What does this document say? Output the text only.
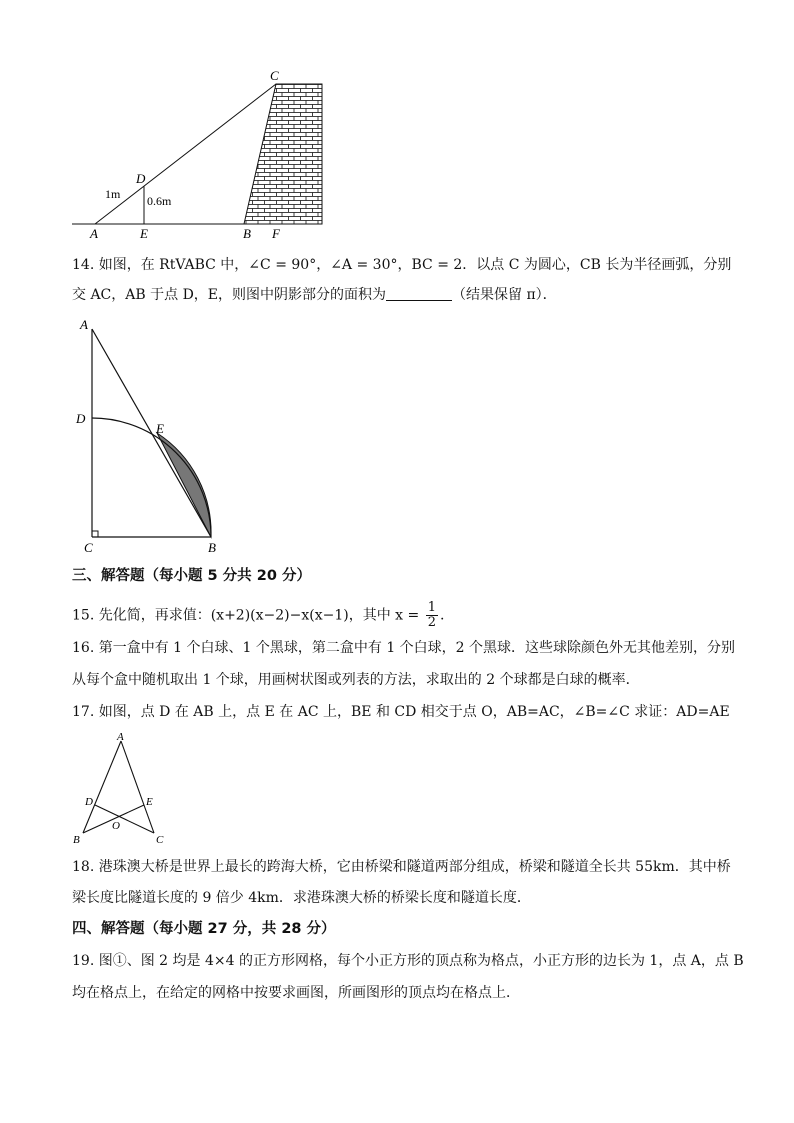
C
D
1m 0.6m
A	E	B F
14. 如图，在 RtVABC 中，∠C = 90°，∠A = 30°，BC = 2．以点 C 为圆心，CB 长为半径画弧，分别
交 AC，AB 于点 D，E，则图中阴影部分的面积为	（结果保留 π）．
A
D
E
C	B
三、解答题（每小题 5 分共 20 分）
15. 先化简，再求值：(x+2)(x−2)−x(x−1)，其中 $x = \frac{1}{2}$ .
16. 第一盒中有 1 个白球、1 个黑球，第二盒中有 1 个白球，2 个黑球．这些球除颜色外无其他差别，分别
从每个盒中随机取出 1 个球，用画树状图或列表的方法，求取出的 2 个球都是白球的概率．
17. 如图，点 D 在 AB 上，点 E 在 AC 上，BE 和 CD 相交于点 O，AB=AC，∠B=∠C 求证：AD=AE
A
D	E
O
B	C
18. 港珠澳大桥是世界上最长的跨海大桥，它由桥梁和隧道两部分组成，桥梁和隧道全长共 55km．其中桥
梁长度比隧道长度的 9 倍少 4km．求港珠澳大桥的桥梁长度和隧道长度．
四、解答题（每小题 27 分，共 28 分）
19. 图①、图 2 均是 4×4 的正方形网格，每个小正方形的顶点称为格点，小正方形的边长为 1，点 A，点 B
均在格点上，在给定的网格中按要求画图，所画图形的顶点均在格点上．
